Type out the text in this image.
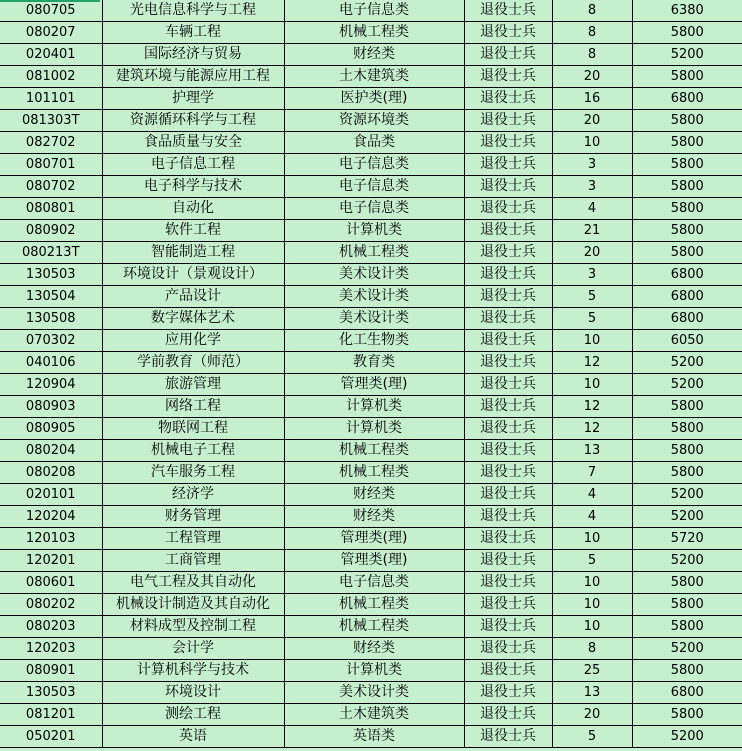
080705	光电信息科学与工程	电子信息类	退役士兵	8	6380
080207	车辆工程	机械工程类	退役士兵	8	5800
020401	国际经济与贸易	财经类	退役士兵	8	5200
081002	建筑环境与能源应用工程	土木建筑类	退役士兵	20	5800
101101	护理学	医护类(理)	退役士兵	16	6800
081303T	资源循环科学与工程	资源环境类	退役士兵	20	5800
082702	食品质量与安全	食品类	退役士兵	10	5800
080701	电子信息工程	电子信息类	退役士兵	3	5800
080702	电子科学与技术	电子信息类	退役士兵	3	5800
080801	自动化	电子信息类	退役士兵	4	5800
080902	软件工程	计算机类	退役士兵	21	5800
080213T	智能制造工程	机械工程类	退役士兵	20	5800
130503	环境设计（景观设计）	美术设计类	退役士兵	3	6800
130504	产品设计	美术设计类	退役士兵	5	6800
130508	数字媒体艺术	美术设计类	退役士兵	5	6800
070302	应用化学	化工生物类	退役士兵	10	6050
040106	学前教育（师范）	教育类	退役士兵	12	5200
120904	旅游管理	管理类(理)	退役士兵	10	5200
080903	网络工程	计算机类	退役士兵	12	5800
080905	物联网工程	计算机类	退役士兵	12	5800
080204	机械电子工程	机械工程类	退役士兵	13	5800
080208	汽车服务工程	机械工程类	退役士兵	7	5800
020101	经济学	财经类	退役士兵	4	5200
120204	财务管理	财经类	退役士兵	4	5200
120103	工程管理	管理类(理)	退役士兵	10	5720
120201	工商管理	管理类(理)	退役士兵	5	5200
080601	电气工程及其自动化	电子信息类	退役士兵	10	5800
080202	机械设计制造及其自动化	机械工程类	退役士兵	10	5800
080203	材料成型及控制工程	机械工程类	退役士兵	10	5800
120203	会计学	财经类	退役士兵	8	5200
080901	计算机科学与技术	计算机类	退役士兵	25	5800
130503	环境设计	美术设计类	退役士兵	13	6800
081201	测绘工程	土木建筑类	退役士兵	20	5800
050201	英语	英语类	退役士兵	5	5200
